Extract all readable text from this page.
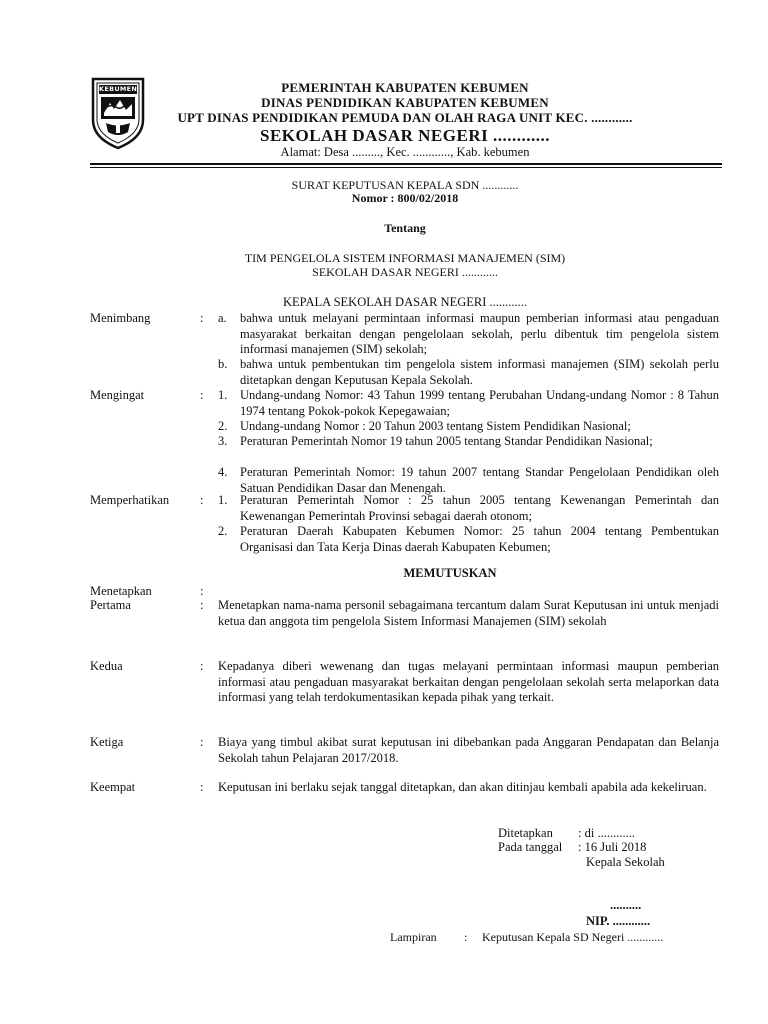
KEBUMEN	PEMERINTAH KABUPATEN KEBUMEN
DINAS PENDIDIKAN KABUPATEN KEBUMEN
UPT DINAS PENDIDIKAN PEMUDA DAN OLAH RAGA UNIT KEC. ............
SEKOLAH DASAR NEGERI ............
Alamat: Desa ........., Kec. ............, Kab. kebumen
SURAT KEPUTUSAN KEPALA SDN ............
Nomor : 800/02/2018
Tentang
TIM PENGELOLA SISTEM INFORMASI MANAJEMEN (SIM)
SEKOLAH DASAR NEGERI ............
KEPALA SEKOLAH DASAR NEGERI ............
Menimbang	: a.	bahwa untuk melayani permintaan informasi maupun pemberian informasi atau pengaduan masyarakat berkaitan dengan pengelolaan sekolah, perlu dibentuk tim pengelola sistem informasi manajemen (SIM) sekolah;
b.	bahwa untuk pembentukan tim pengelola sistem informasi manajemen (SIM) sekolah perlu ditetapkan dengan Keputusan Kepala Sekolah.
Mengingat	: 1.	Undang-undang Nomor: 43 Tahun 1999 tentang Perubahan Undang-undang Nomor : 8 Tahun 1974 tentang Pokok-pokok Kepegawaian;
2.	Undang-undang Nomor : 20 Tahun 2003 tentang Sistem Pendidikan Nasional;
3.	Peraturan Pemerintah Nomor 19 tahun 2005 tentang Standar Pendidikan Nasional;
4.	Peraturan Pemerintah Nomor: 19 tahun 2007 tentang Standar Pengelolaan Pendidikan oleh Satuan Pendidikan Dasar dan Menengah.
Memperhatikan : 1.	Peraturan Pemerintah Nomor : 25 tahun 2005 tentang Kewenangan Pemerintah dan Kewenangan Pemerintah Provinsi sebagai daerah otonom;
2.	Peraturan Daerah Kabupaten Kebumen Nomor: 25 tahun 2004 tentang Pembentukan Organisasi dan Tata Kerja Dinas daerah Kabupaten Kebumen;
MEMUTUSKAN
Menetapkan	:
Pertama	: Menetapkan nama-nama personil sebagaimana tercantum dalam Surat Keputusan ini untuk menjadi ketua dan anggota tim pengelola Sistem Informasi Manajemen (SIM) sekolah
Kedua	: Kepadanya diberi wewenang dan tugas melayani permintaan informasi maupun pemberian informasi atau pengaduan masyarakat berkaitan dengan pengelolaan sekolah serta melaporkan data informasi yang telah terdokumentasikan kepada pihak yang terkait.
Ketiga	: Biaya yang timbul akibat surat keputusan ini dibebankan pada Anggaran Pendapatan dan Belanja Sekolah tahun Pelajaran 2017/2018.
Keempat	: Keputusan ini berlaku sejak tanggal ditetapkan, dan akan ditinjau kembali apabila ada kekeliruan.
Ditetapkan : di ............
Pada tanggal : 16 Juli 2018
Kepala Sekolah
..........
NIP. ............
Lampiran : Keputusan Kepala SD Negeri ............
